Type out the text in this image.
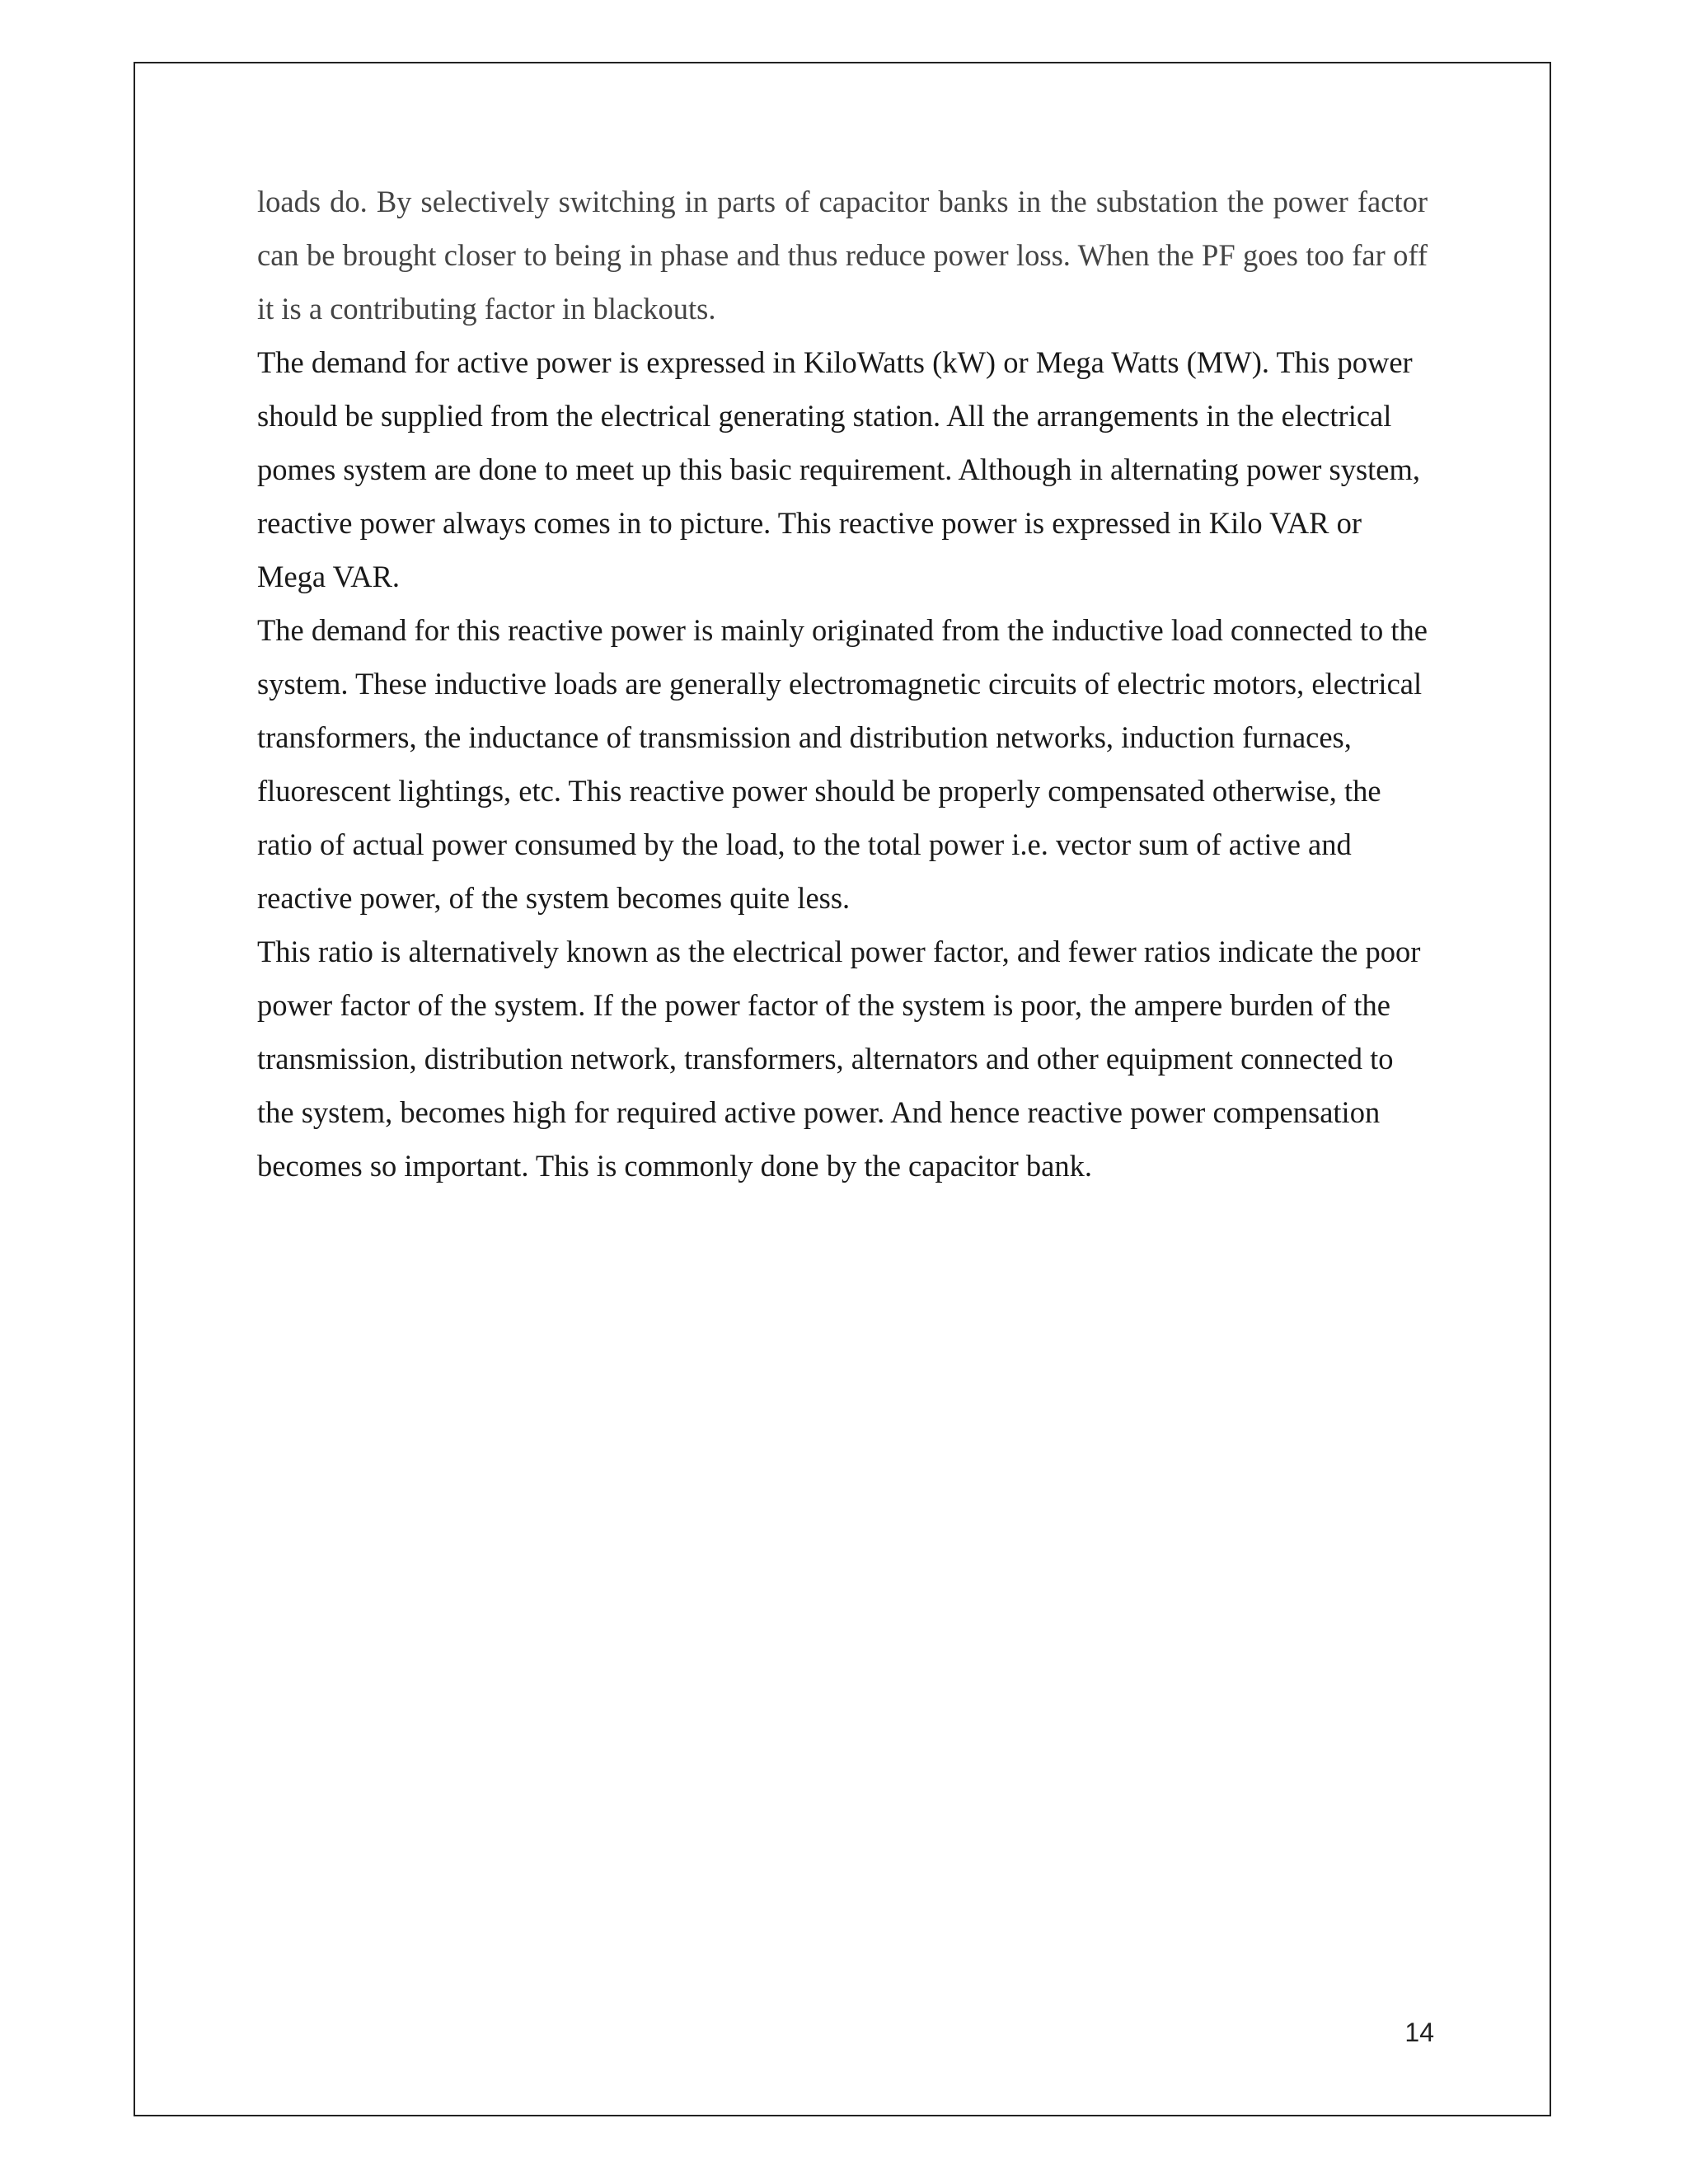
loads do. By selectively switching in parts of capacitor banks in the substation the power factor can be brought closer to being in phase and thus reduce power loss. When the PF goes too far off it is a contributing factor in blackouts.

The demand for active power is expressed in KiloWatts (kW) or Mega Watts (MW). This power should be supplied from the electrical generating station. All the arrangements in the electrical pomes system are done to meet up this basic requirement. Although in alternating power system, reactive power always comes in to picture. This reactive power is expressed in Kilo VAR or Mega VAR.

The demand for this reactive power is mainly originated from the inductive load connected to the system. These inductive loads are generally electromagnetic circuits of electric motors, electrical transformers, the inductance of transmission and distribution networks, induction furnaces, fluorescent lightings, etc. This reactive power should be properly compensated otherwise, the ratio of actual power consumed by the load, to the total power i.e. vector sum of active and reactive power, of the system becomes quite less.

This ratio is alternatively known as the electrical power factor, and fewer ratios indicate the poor power factor of the system. If the power factor of the system is poor, the ampere burden of the transmission, distribution network, transformers, alternators and other equipment connected to the system, becomes high for required active power. And hence reactive power compensation becomes so important. This is commonly done by the capacitor bank.

14
